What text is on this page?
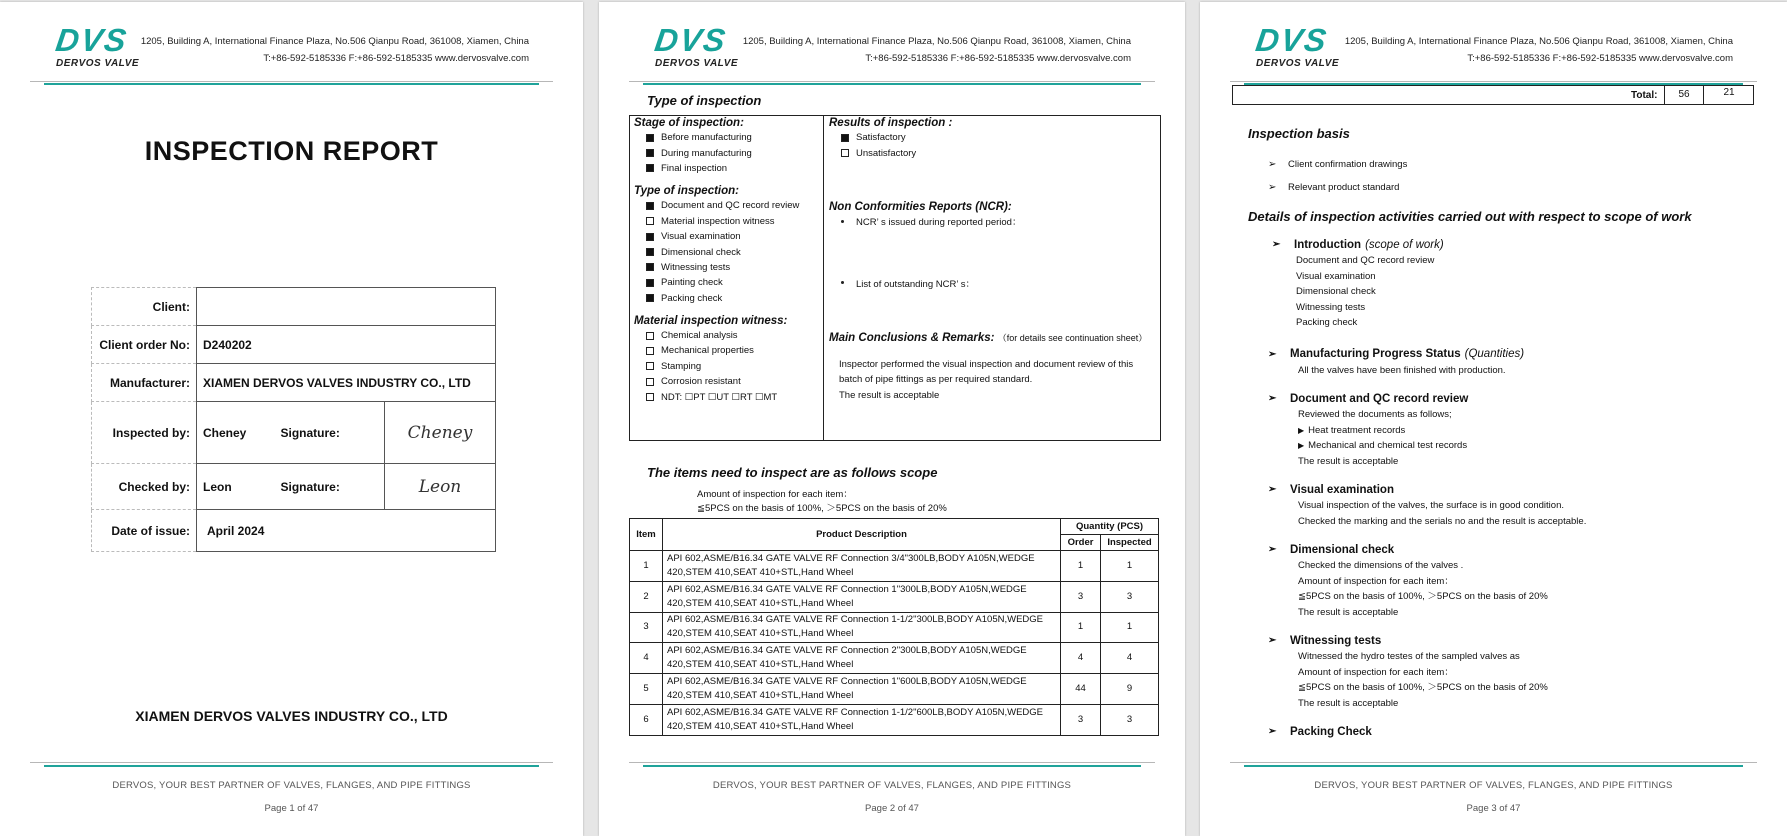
DVS
DERVOS VALVE
1205, Building A, International Finance Plaza, No.506 Qianpu Road, 361008, Xiamen, China
T:+86-592-5185336 F:+86-592-5185335 www.dervosvalve.com
INSPECTION REPORT
Client:			
Client order No:	D240202		
Manufacturer:	XIAMEN DERVOS VALVES INDUSTRY CO., LTD		
Inspected by:	Cheney	Signature:	Cheney
Checked by:	Leon	Signature:	Leon
Date of issue:	April 2024		
XIAMEN DERVOS VALVES INDUSTRY CO., LTD
DERVOS, YOUR BEST PARTNER OF VALVES, FLANGES, AND PIPE FITTINGS
Page 1 of 47
DVS
DERVOS VALVE
1205, Building A, International Finance Plaza, No.506 Qianpu Road, 361008, Xiamen, China
T:+86-592-5185336 F:+86-592-5185335 www.dervosvalve.com
Type of inspection
Stage of inspection:
Before manufacturing
During manufacturing
Final inspection
Type of inspection:
Document and QC record review
Material inspection witness
Visual examination
Dimensional check
Witnessing tests
Painting check
Packing check
Material inspection witness:
Chemical analysis
Mechanical properties
Stamping
Corrosion resistant
NDT: ☐PT ☐UT ☐RT ☐MT
Results of inspection :
Satisfactory
Unsatisfactory
Non Conformities Reports (NCR):
NCR’ s issued during reported period：
List of outstanding NCR’ s：
Main Conclusions & Remarks: （for details see continuation sheet）
Inspector performed the visual inspection and document review of this batch of pipe fittings as per required standard.
The result is acceptable
The items need to inspect are as follows scope
Amount of inspection for each item：
≦5PCS on the basis of 100%, ＞5PCS on the basis of 20%
Item	Product Description	Quantity (PCS)	
		Order	Inspected
1	API 602,ASME/B16.34 GATE VALVE RF Connection 3/4"300LB,BODY A105N,WEDGE 420,STEM 410,SEAT 410+STL,Hand Wheel	1	1
2	API 602,ASME/B16.34 GATE VALVE RF Connection 1"300LB,BODY A105N,WEDGE 420,STEM 410,SEAT 410+STL,Hand Wheel	3	3
3	API 602,ASME/B16.34 GATE VALVE RF Connection 1-1/2"300LB,BODY A105N,WEDGE 420,STEM 410,SEAT 410+STL,Hand Wheel	1	1
4	API 602,ASME/B16.34 GATE VALVE RF Connection 2"300LB,BODY A105N,WEDGE 420,STEM 410,SEAT 410+STL,Hand Wheel	4	4
5	API 602,ASME/B16.34 GATE VALVE RF Connection 1"600LB,BODY A105N,WEDGE 420,STEM 410,SEAT 410+STL,Hand Wheel	44	9
6	API 602,ASME/B16.34 GATE VALVE RF Connection 1-1/2"600LB,BODY A105N,WEDGE 420,STEM 410,SEAT 410+STL,Hand Wheel	3	3
DERVOS, YOUR BEST PARTNER OF VALVES, FLANGES, AND PIPE FITTINGS
Page 2 of 47
DVS
DERVOS VALVE
1205, Building A, International Finance Plaza, No.506 Qianpu Road, 361008, Xiamen, China
T:+86-592-5185336 F:+86-592-5185335 www.dervosvalve.com
Total:	56	21
Inspection basis
➢	Client confirmation drawings
➢	Relevant product standard
Details of inspection activities carried out with respect to scope of work
➢	Introduction (scope of work)
Document and QC record review
Visual examination
Dimensional check
Witnessing tests
Packing check
➢	Manufacturing Progress Status (Quantities)
All the valves have been finished with production.
➢	Document and QC record review
Reviewed the documents as follows;
▶ Heat treatment records
▶ Mechanical and chemical test records
The result is acceptable
➢	Visual examination
Visual inspection of the valves, the surface is in good condition.
Checked the marking and the serials no and the result is acceptable.
➢	Dimensional check
Checked the dimensions of the valves .
Amount of inspection for each item：
≦5PCS on the basis of 100%, ＞5PCS on the basis of 20%
The result is acceptable
➢	Witnessing tests
Witnessed the hydro testes of the sampled valves as
Amount of inspection for each item：
≦5PCS on the basis of 100%, ＞5PCS on the basis of 20%
The result is acceptable
➢	Packing Check
DERVOS, YOUR BEST PARTNER OF VALVES, FLANGES, AND PIPE FITTINGS
Page 3 of 47
